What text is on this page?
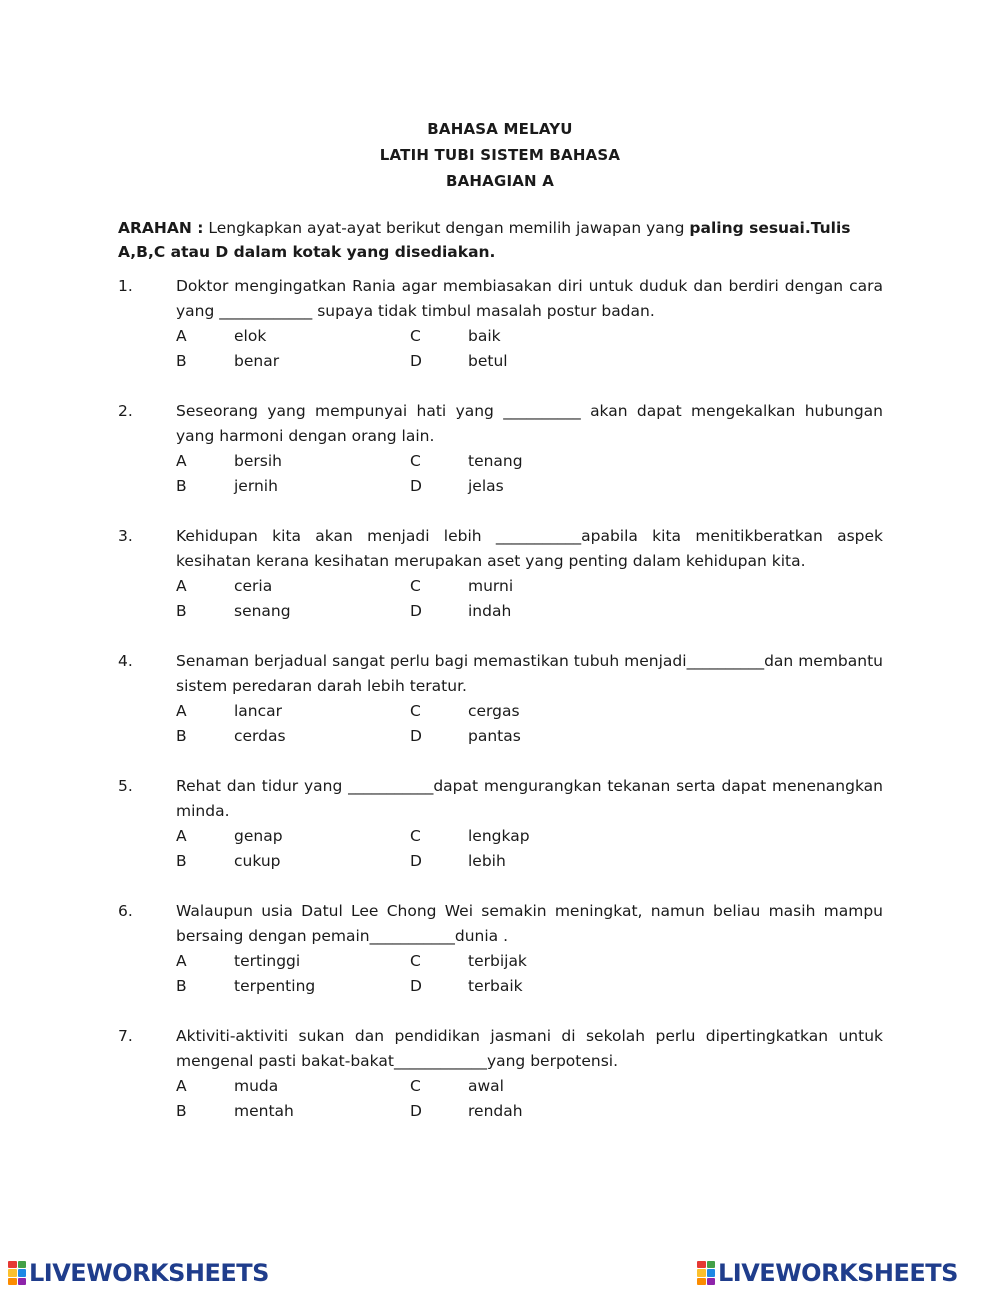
BAHASA MELAYU
LATIH TUBI SISTEM BAHASA
BAHAGIAN A
ARAHAN : Lengkapkan ayat-ayat berikut dengan memilih jawapan yang paling sesuai.Tulis A,B,C atau D dalam kotak yang disediakan.
1.	Doktor mengingatkan Rania agar membiasakan diri untuk duduk dan berdiri dengan cara yang ____________ supaya tidak timbul masalah postur badan.
A	elok
B	benar
C	baik
D	betul
2.	Seseorang yang mempunyai hati yang __________ akan dapat mengekalkan hubungan yang harmoni dengan orang lain.
A	bersih
B	jernih
C	tenang
D	jelas
3.	Kehidupan kita akan menjadi lebih ___________apabila kita menitikberatkan aspek kesihatan kerana kesihatan merupakan aset yang penting dalam kehidupan kita.
A	ceria
B	senang
C	murni
D	indah
4.	Senaman berjadual sangat perlu bagi memastikan tubuh menjadi__________dan membantu sistem peredaran darah lebih teratur.
A	lancar
B	cerdas
C	cergas
D	pantas
5.	Rehat dan tidur yang ___________dapat mengurangkan tekanan serta dapat menenangkan minda.
A	genap
B	cukup
C	lengkap
D	lebih
6.	Walaupun usia Datul Lee Chong Wei semakin meningkat, namun beliau masih mampu bersaing dengan pemain___________dunia .
A	tertinggi
B	terpenting
C	terbijak
D	terbaik
7.	Aktiviti-aktiviti sukan dan pendidikan jasmani di sekolah perlu dipertingkatkan untuk mengenal pasti bakat-bakat____________yang berpotensi.
A	muda
B	mentah
C	awal
D	rendah
LIVEWORKSHEETS	LIVEWORKSHEETS
